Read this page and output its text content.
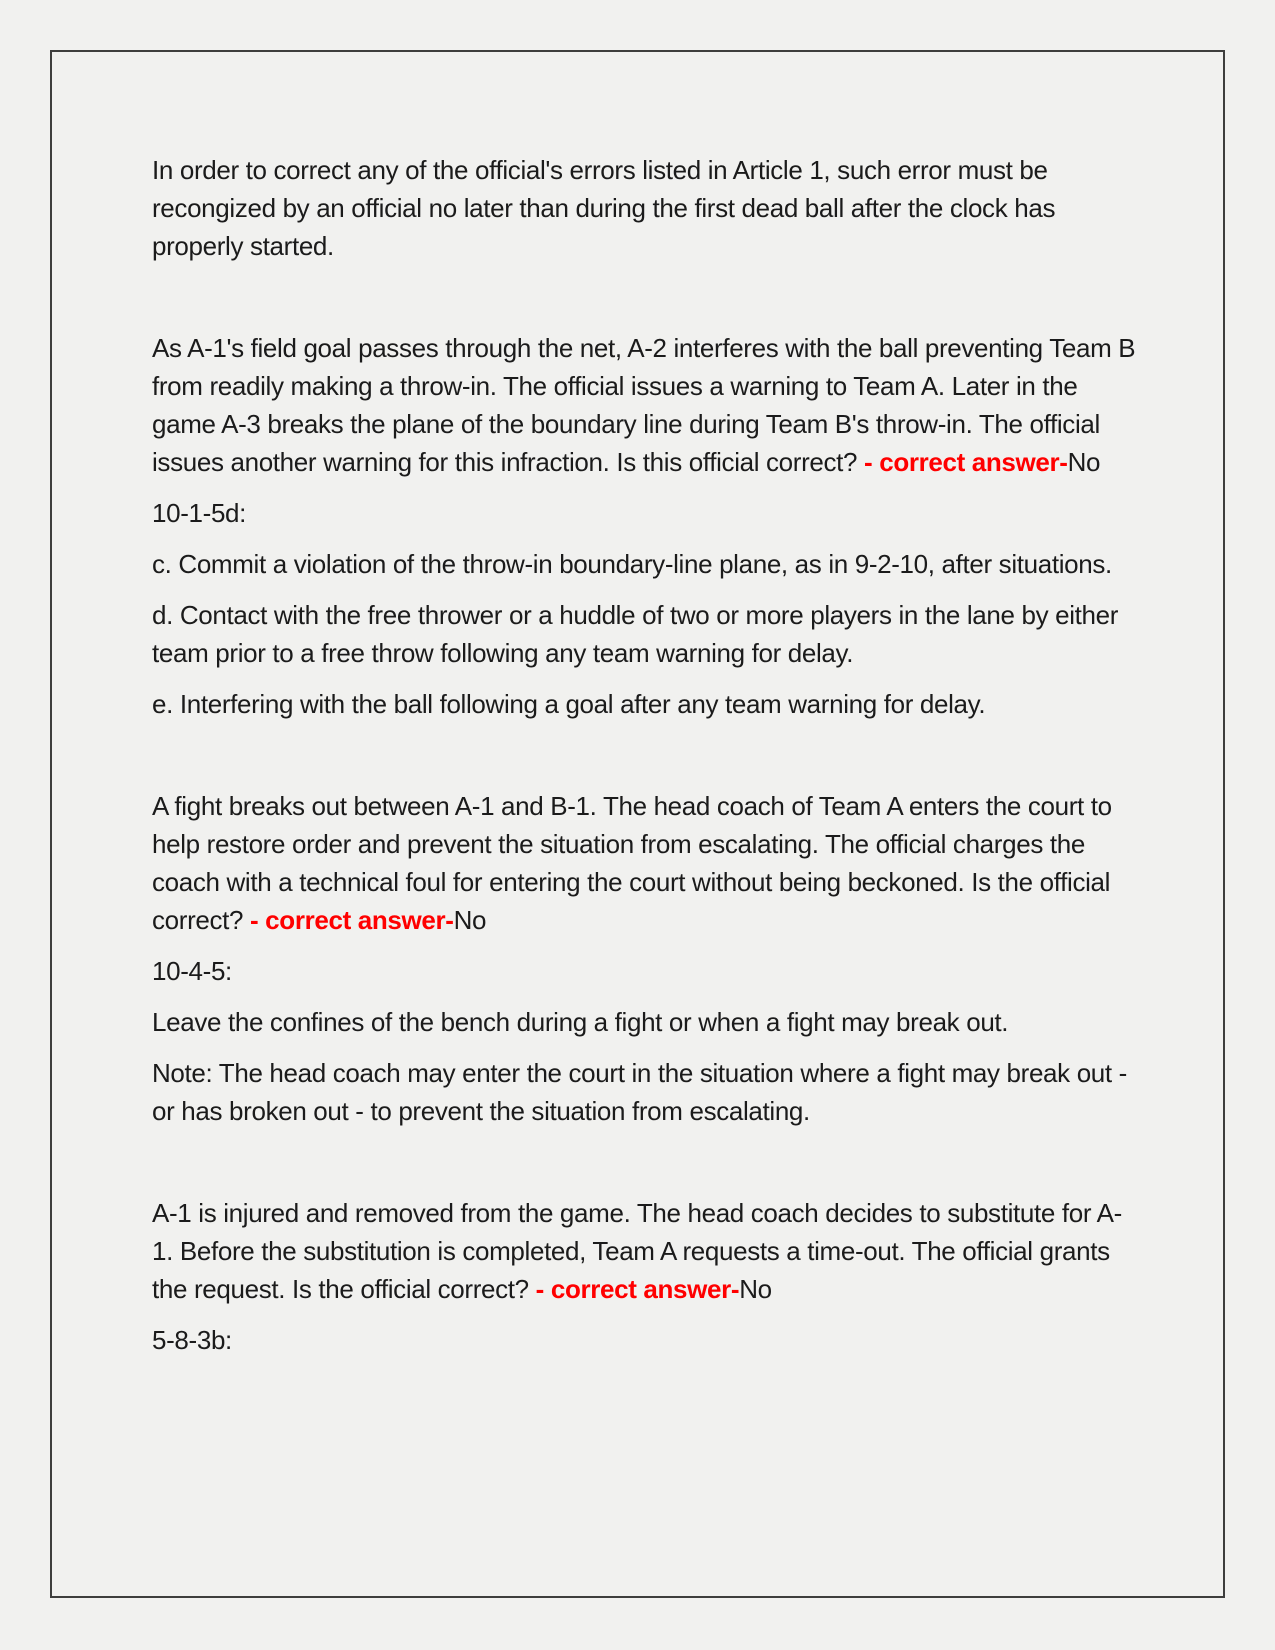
In order to correct any of the official's errors listed in Article 1, such error must be recongized by an official no later than during the first dead ball after the clock has properly started.

As A-1's field goal passes through the net, A-2 interferes with the ball preventing Team B from readily making a throw-in. The official issues a warning to Team A. Later in the game A-3 breaks the plane of the boundary line during Team B's throw-in. The official issues another warning for this infraction. Is this official correct? - correct answer-No

10-1-5d:

c. Commit a violation of the throw-in boundary-line plane, as in 9-2-10, after situations.

d. Contact with the free thrower or a huddle of two or more players in the lane by either team prior to a free throw following any team warning for delay.

e. Interfering with the ball following a goal after any team warning for delay.

A fight breaks out between A-1 and B-1. The head coach of Team A enters the court to help restore order and prevent the situation from escalating. The official charges the coach with a technical foul for entering the court without being beckoned. Is the official correct? - correct answer-No

10-4-5:

Leave the confines of the bench during a fight or when a fight may break out.

Note: The head coach may enter the court in the situation where a fight may break out - or has broken out - to prevent the situation from escalating.

A-1 is injured and removed from the game. The head coach decides to substitute for A-1. Before the substitution is completed, Team A requests a time-out. The official grants the request. Is the official correct? - correct answer-No

5-8-3b:
